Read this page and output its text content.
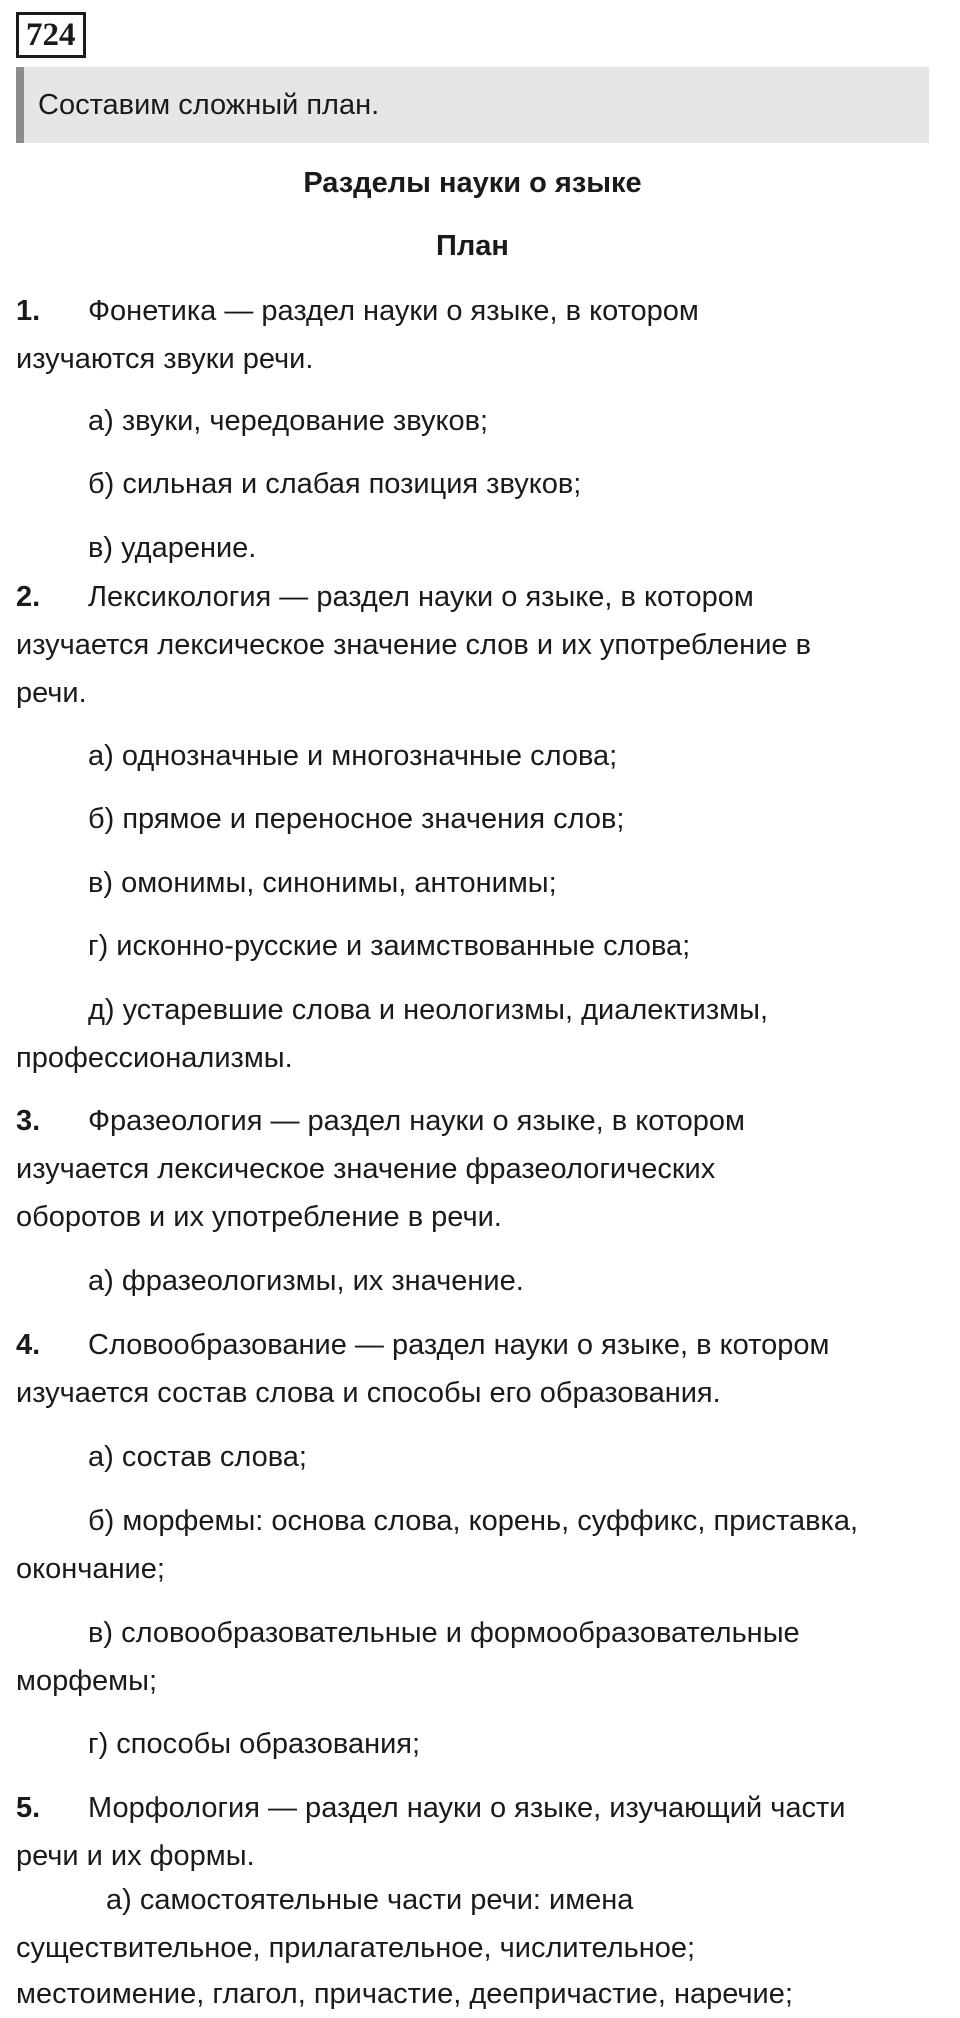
724
Составим сложный план.
Разделы науки о языке
План
1. Фонетика — раздел науки о языке, в котором
изучаются звуки речи.
а) звуки, чередование звуков;
б) сильная и слабая позиция звуков;
в) ударение.
2. Лексикология — раздел науки о языке, в котором
изучается лексическое значение слов и их употребление в
речи.
а) однозначные и многозначные слова;
б) прямое и переносное значения слов;
в) омонимы, синонимы, антонимы;
г) исконно-русские и заимствованные слова;
д) устаревшие слова и неологизмы, диалектизмы,
профессионализмы.
3. Фразеология — раздел науки о языке, в котором
изучается лексическое значение фразеологических
оборотов и их употребление в речи.
а) фразеологизмы, их значение.
4. Словообразование — раздел науки о языке, в котором
изучается состав слова и способы его образования.
а) состав слова;
б) морфемы: основа слова, корень, суффикс, приставка,
окончание;
в) словообразовательные и формообразовательные
морфемы;
г) способы образования;
5. Морфология — раздел науки о языке, изучающий части
речи и их формы.
а) самостоятельные части речи: имена
существительное, прилагательное, числительное;
местоимение, глагол, причастие, деепричастие, наречие;
